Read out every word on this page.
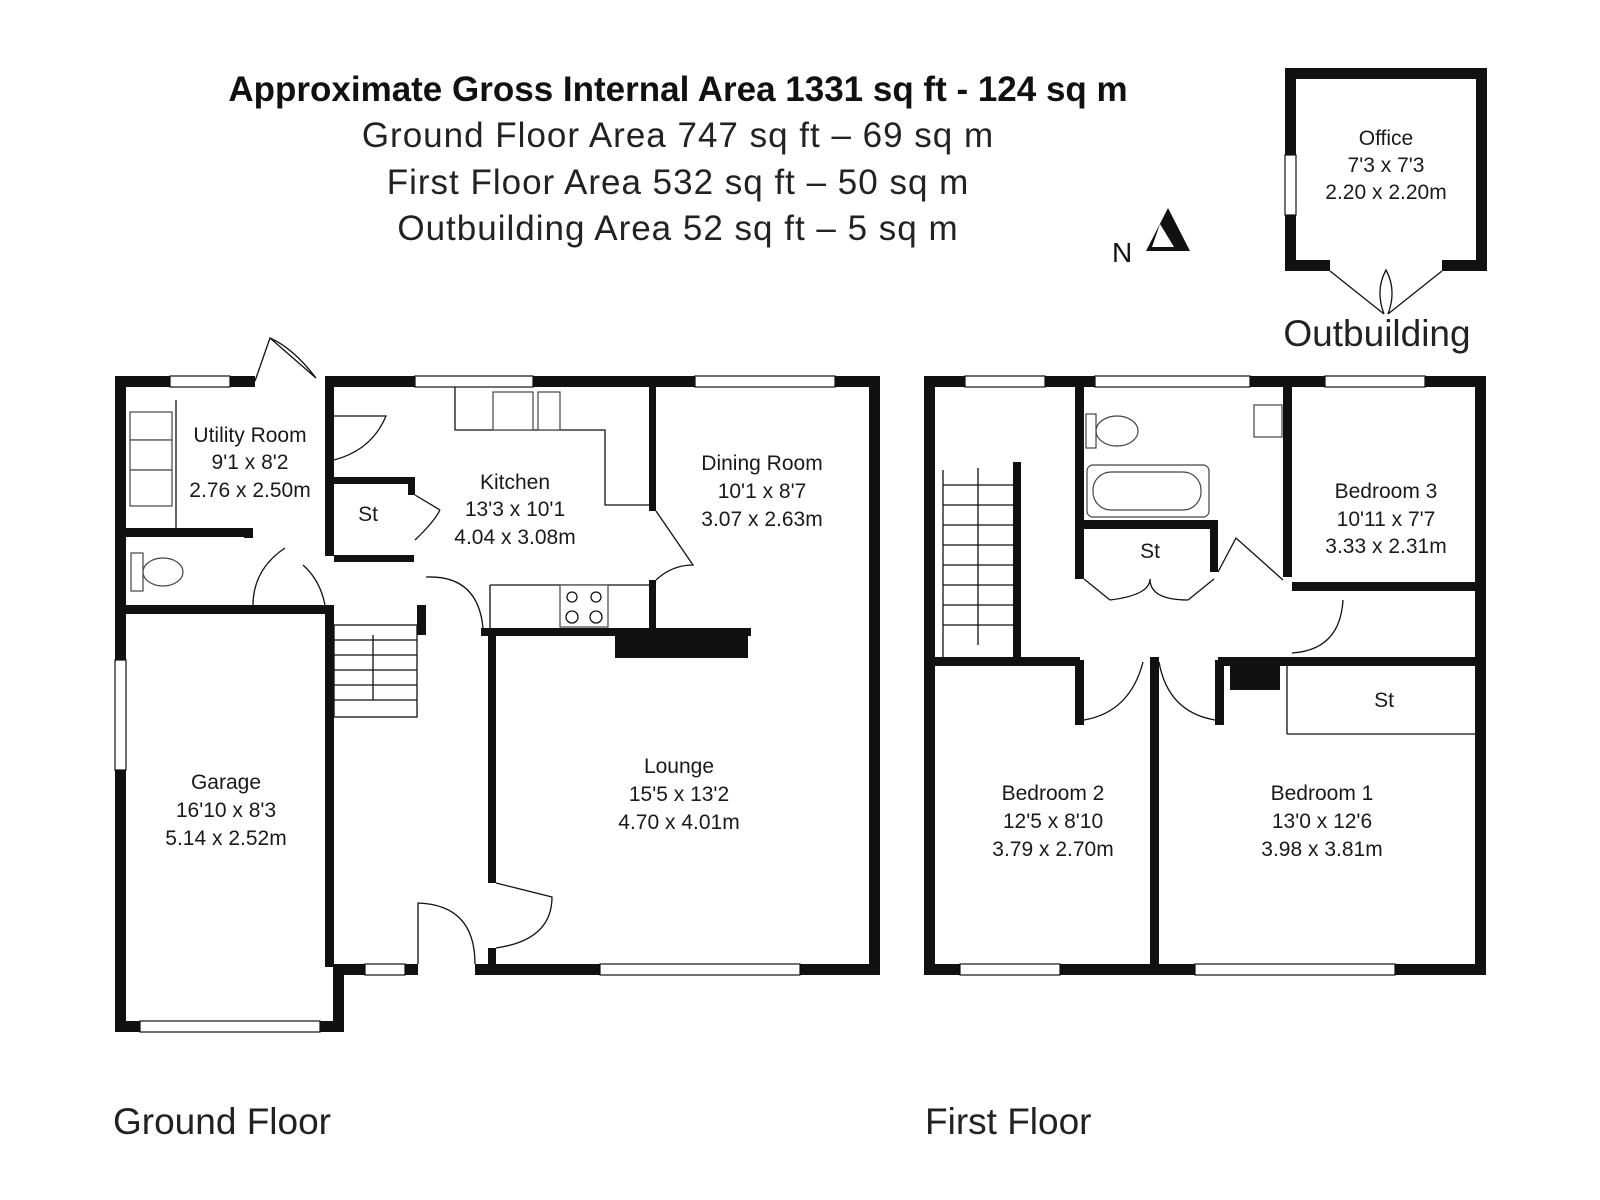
Approximate Gross Internal Area 1331 sq ft - 124 sq m
Ground Floor Area 747 sq ft – 69 sq m
First Floor Area 532 sq ft – 50 sq m
Outbuilding Area 52 sq ft – 5 sq m
N
Office
7'3 x 7'3
2.20 x 2.20m
Outbuilding
Utility Room
9'1 x 8'2
2.76 x 2.50m
St
Kitchen
13'3 x 10'1
4.04 x 3.08m
Dining Room
10'1 x 8'7
3.07 x 2.63m
Lounge
15'5 x 13'2
4.70 x 4.01m
Garage
16'10 x 8'3
5.14 x 2.52m
Ground Floor
St
Bedroom 3
10'11 x 7'7
3.33 x 2.31m
St
Bedroom 2
12'5 x 8'10
3.79 x 2.70m
Bedroom 1
13'0 x 12'6
3.98 x 3.81m
First Floor
